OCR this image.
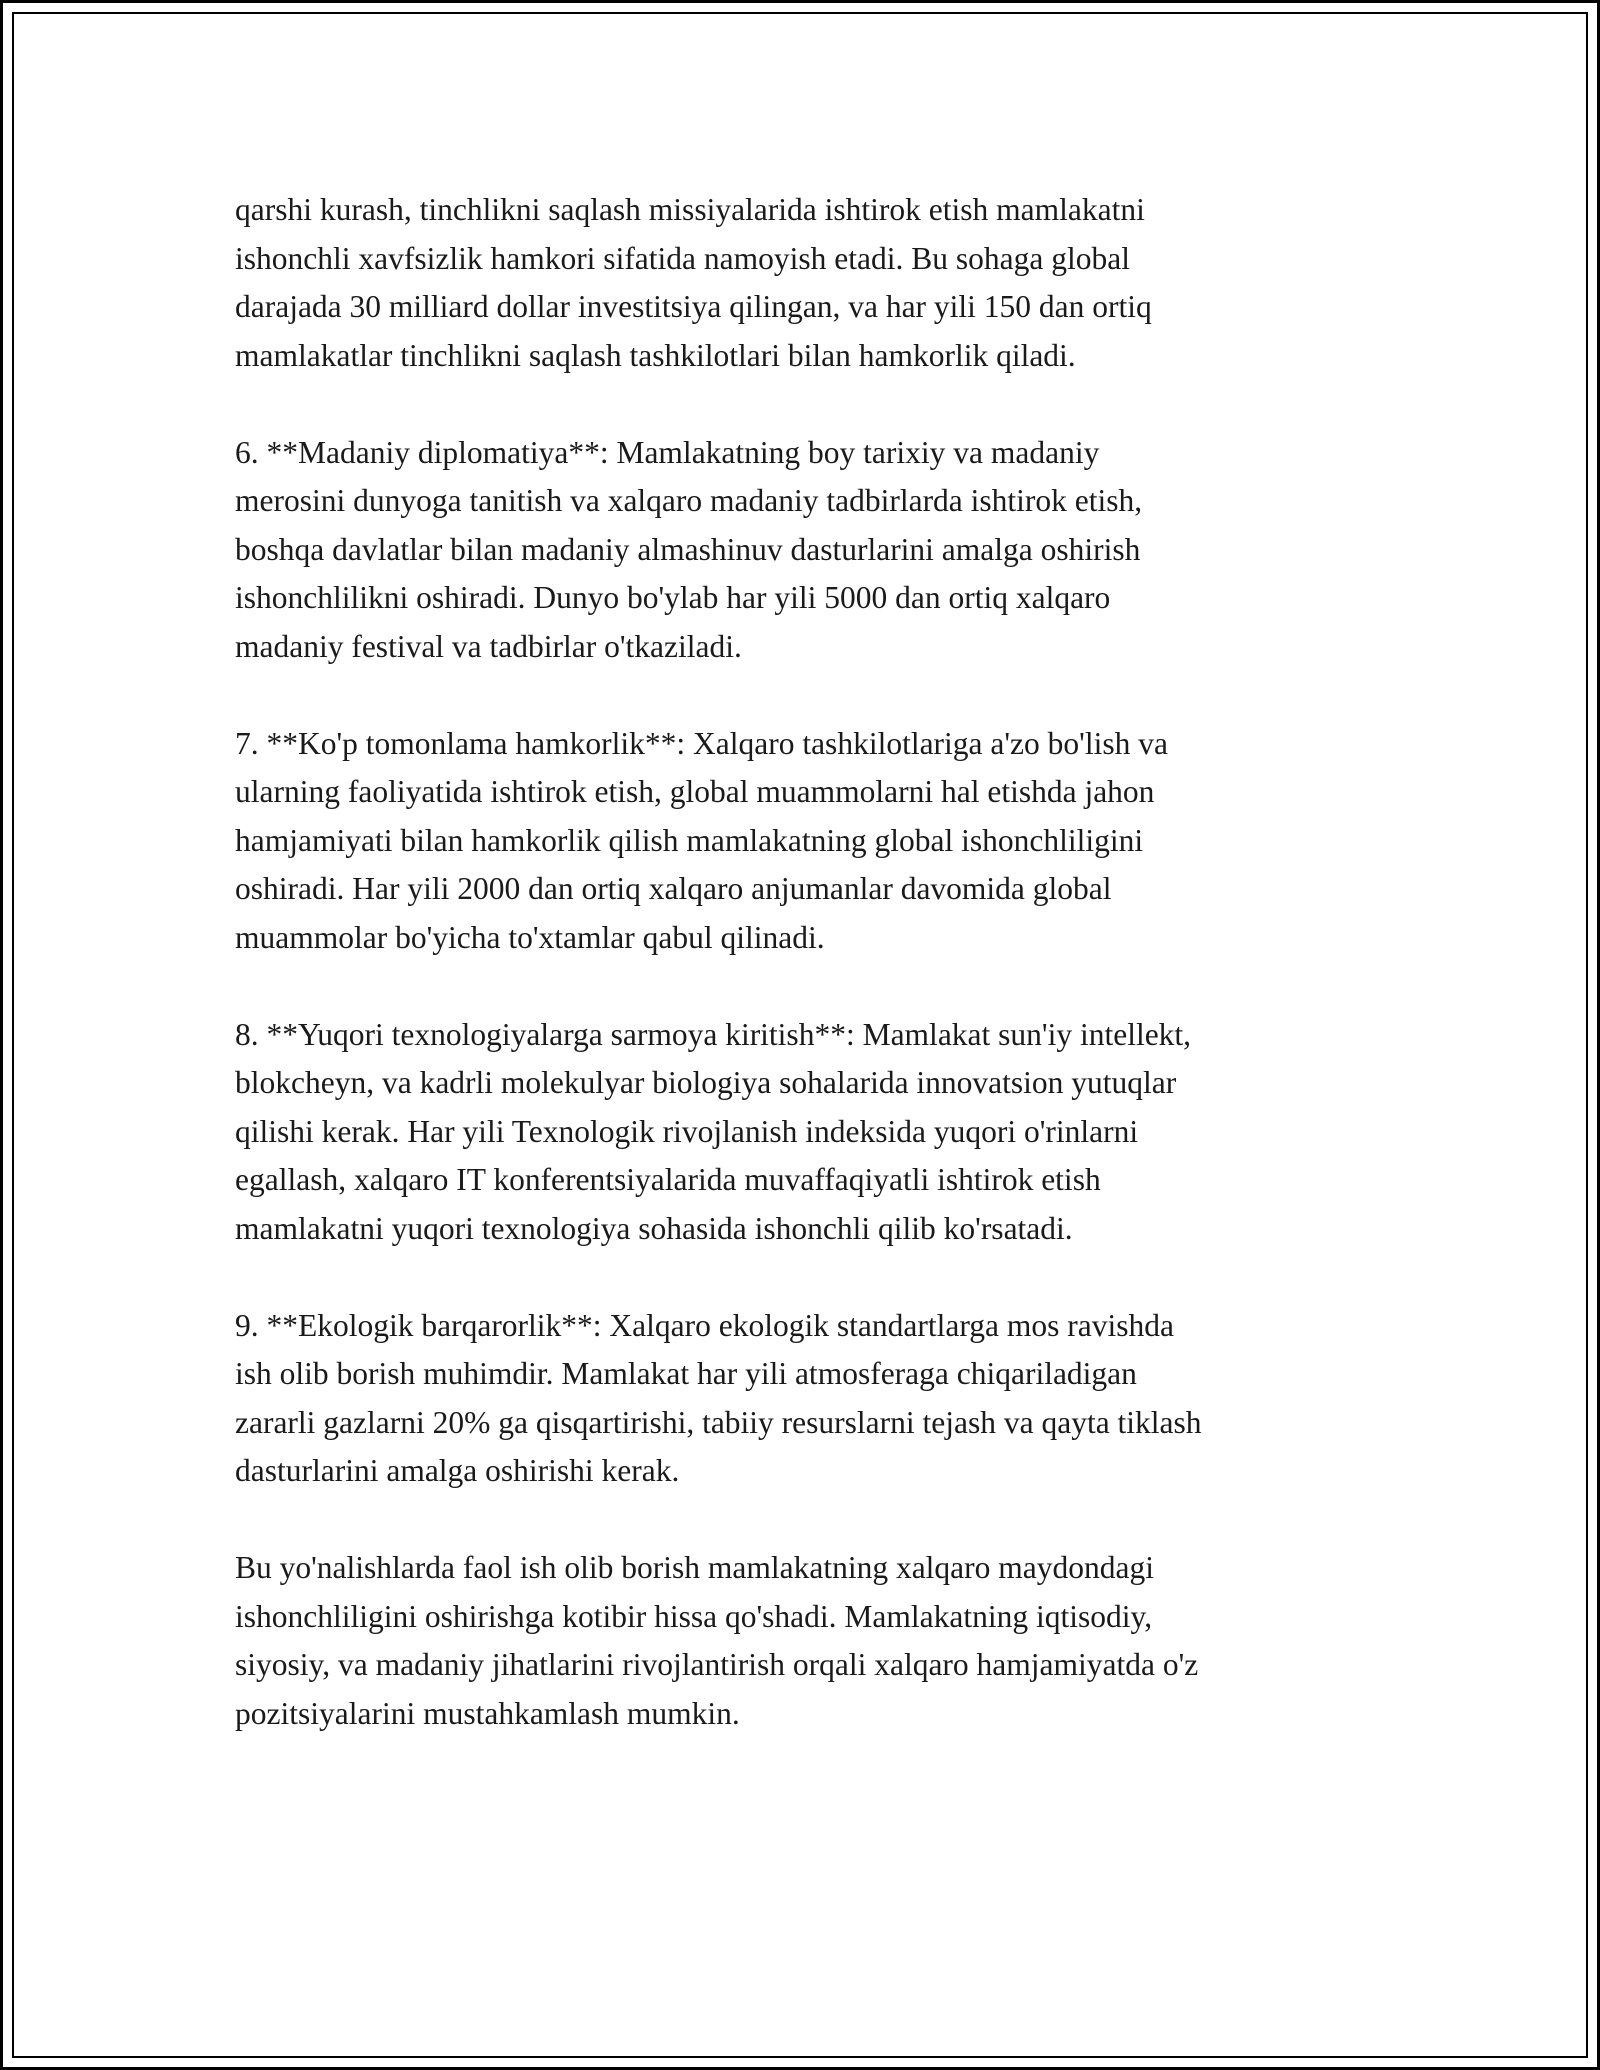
qarshi kurash, tinchlikni saqlash missiyalarida ishtirok etish mamlakatni
ishonchli xavfsizlik hamkori sifatida namoyish etadi. Bu sohaga global
darajada 30 milliard dollar investitsiya qilingan, va har yili 150 dan ortiq
mamlakatlar tinchlikni saqlash tashkilotlari bilan hamkorlik qiladi.

6. **Madaniy diplomatiya**: Mamlakatning boy tarixiy va madaniy
merosini dunyoga tanitish va xalqaro madaniy tadbirlarda ishtirok etish,
boshqa davlatlar bilan madaniy almashinuv dasturlarini amalga oshirish
ishonchlilikni oshiradi. Dunyo bo'ylab har yili 5000 dan ortiq xalqaro
madaniy festival va tadbirlar o'tkaziladi.

7. **Ko'p tomonlama hamkorlik**: Xalqaro tashkilotlariga a'zo bo'lish va
ularning faoliyatida ishtirok etish, global muammolarni hal etishda jahon
hamjamiyati bilan hamkorlik qilish mamlakatning global ishonchliligini
oshiradi. Har yili 2000 dan ortiq xalqaro anjumanlar davomida global
muammolar bo'yicha to'xtamlar qabul qilinadi.

8. **Yuqori texnologiyalarga sarmoya kiritish**: Mamlakat sun'iy intellekt,
blokcheyn, va kadrli molekulyar biologiya sohalarida innovatsion yutuqlar
qilishi kerak. Har yili Texnologik rivojlanish indeksida yuqori o'rinlarni
egallash, xalqaro IT konferentsiyalarida muvaffaqiyatli ishtirok etish
mamlakatni yuqori texnologiya sohasida ishonchli qilib ko'rsatadi.

9. **Ekologik barqarorlik**: Xalqaro ekologik standartlarga mos ravishda
ish olib borish muhimdir. Mamlakat har yili atmosferaga chiqariladigan
zararli gazlarni 20% ga qisqartirishi, tabiiy resurslarni tejash va qayta tiklash
dasturlarini amalga oshirishi kerak.

Bu yo'nalishlarda faol ish olib borish mamlakatning xalqaro maydondagi
ishonchliligini oshirishga kotibir hissa qo'shadi. Mamlakatning iqtisodiy,
siyosiy, va madaniy jihatlarini rivojlantirish orqali xalqaro hamjamiyatda o'z
pozitsiyalarini mustahkamlash mumkin.
